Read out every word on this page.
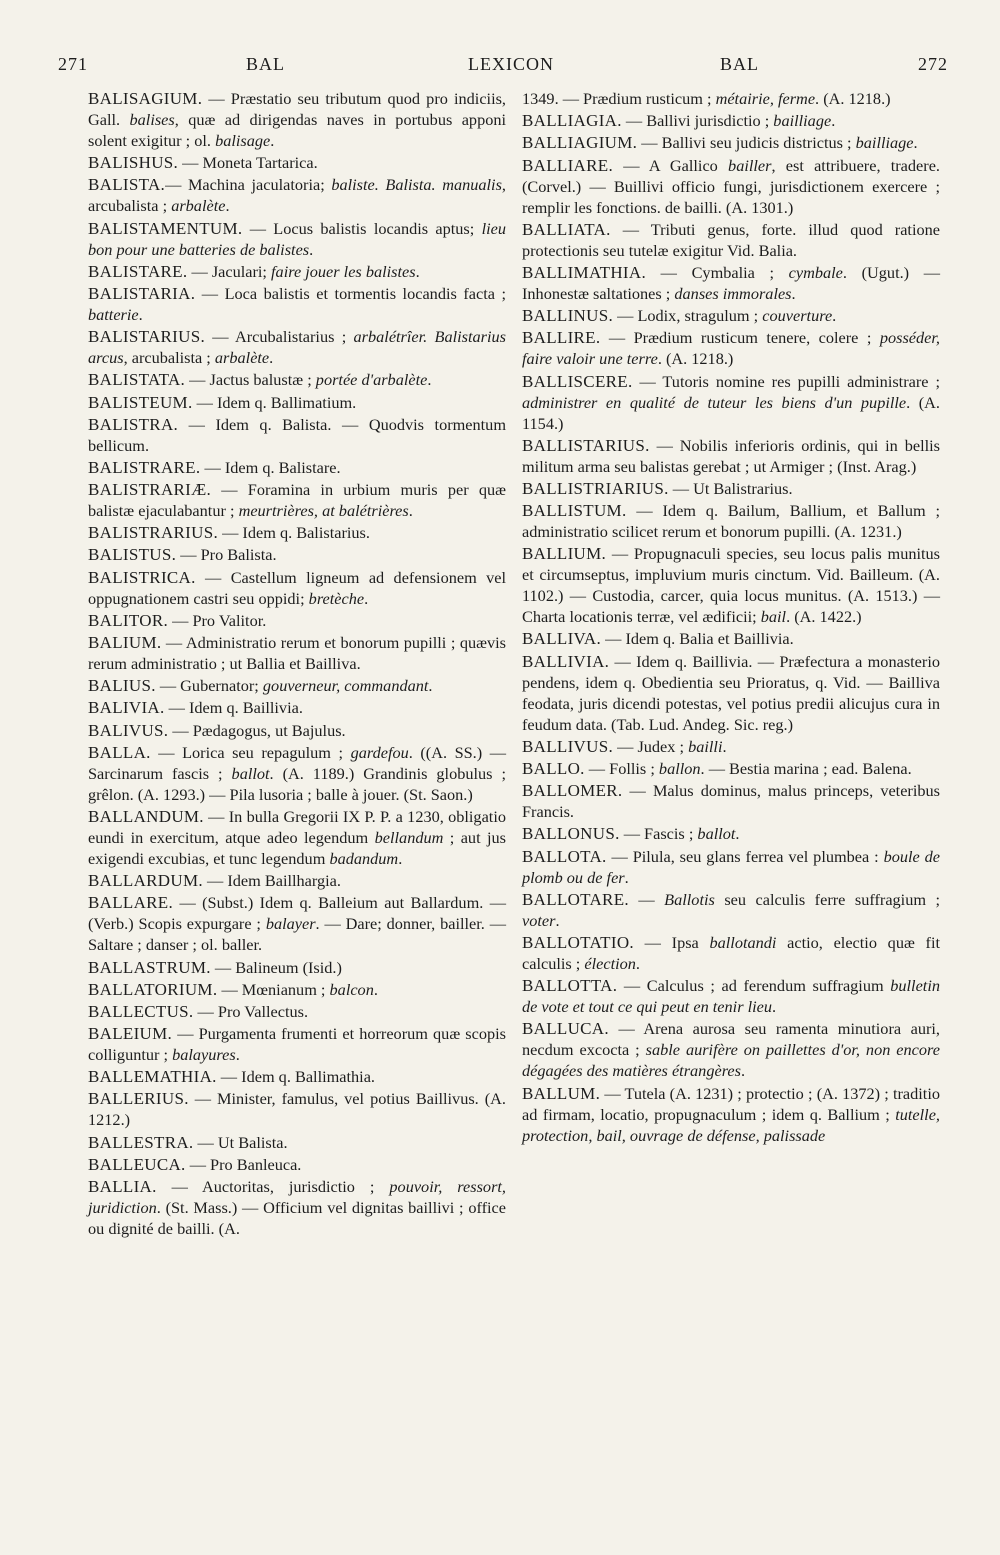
271	BAL	LEXICON	BAL	272

BALISAGIUM. — Præstatio seu tributum quod pro indiciis, Gall. balises, quæ ad dirigendas naves in portubus apponi solent exigitur ; ol. balisage.

BALISHUS. — Moneta Tartarica.

BALISTA.— Machina jaculatoria; baliste. Balista. manualis, arcubalista ; arbalète.

BALISTAMENTUM. — Locus balistis locandis aptus; lieu bon pour une batteries de balistes.

BALISTARE. — Jaculari; faire jouer les balistes.

BALISTARIA. — Loca balistis et tormentis locandis facta ; batterie.

BALISTARIUS. — Arcubalistarius ; arbalétrîer. Balistarius arcus, arcubalista ; arbalète.

BALISTATA. — Jactus balustæ ; portée d'arbalète.

BALISTEUM. — Idem q. Ballimatium.

BALISTRA. — Idem q. Balista. — Quodvis tormentum bellicum.

BALISTRARE. — Idem q. Balistare.

BALISTRARIÆ. — Foramina in urbium muris per quæ balistæ ejaculabantur ; meurtrières, at balétrières.

BALISTRARIUS. — Idem q. Balistarius.

BALISTUS. — Pro Balista.

BALISTRICA. — Castellum ligneum ad defensionem vel oppugnationem castri seu oppidi; bretèche.

BALITOR. — Pro Valitor.

BALIUM. — Administratio rerum et bonorum pupilli ; quævis rerum administratio ; ut Ballia et Bailliva.

BALIUS. — Gubernator; gouverneur, commandant.

BALIVIA. — Idem q. Baillivia.

BALIVUS. — Pædagogus, ut Bajulus.

BALLA. — Lorica seu repagulum ; gardefou. ((A. SS.) — Sarcinarum fascis ; ballot. (A. 1189.) Grandinis globulus ; grêlon. (A. 1293.) — Pila lusoria ; balle à jouer. (St. Saon.)

BALLANDUM. — In bulla Gregorii IX P. P. a 1230, obligatio eundi in exercitum, atque adeo legendum bellandum ; aut jus exigendi excubias, et tunc legendum badandum.

BALLARDUM. — Idem Baillhargia.

BALLARE. — (Subst.) Idem q. Balleium aut Ballardum. — (Verb.) Scopis expurgare ; balayer. — Dare; donner, bailler. — Saltare ; danser ; ol. baller.

BALLASTRUM. — Balineum (Isid.)

BALLATORIUM. — Mœnianum ; balcon.

BALLECTUS. — Pro Vallectus.

BALEIUM. — Purgamenta frumenti et horreorum quæ scopis colliguntur ; balayures.

BALLEMATHIA. — Idem q. Ballimathia.

BALLERIUS. — Minister, famulus, vel potius Baillivus. (A. 1212.)

BALLESTRA. — Ut Balista.

BALLEUCA. — Pro Banleuca.

BALLIA. — Auctoritas, jurisdictio ; pouvoir, ressort, juridiction. (St. Mass.) — Officium vel dignitas baillivi ; office ou dignité de bailli. (A.

1349. — Prædium rusticum ; métairie, ferme. (A. 1218.)

BALLIAGIA. — Ballivi jurisdictio ; bailliage.

BALLIAGIUM. — Ballivi seu judicis districtus ; bailliage.

BALLIARE. — A Gallico bailler, est attribuere, tradere. (Corvel.) — Buillivi officio fungi, jurisdictionem exercere ; remplir les fonctions. de bailli. (A. 1301.)

BALLIATA. — Tributi genus, forte. illud quod ratione protectionis seu tutelæ exigitur Vid. Balia.

BALLIMATHIA. — Cymbalia ; cymbale. (Ugut.) — Inhonestæ saltationes ; danses immorales.

BALLINUS. — Lodix, stragulum ; couverture.

BALLIRE. — Prædium rusticum tenere, colere ; posséder, faire valoir une terre. (A. 1218.)

BALLISCERE. — Tutoris nomine res pupilli administrare ; administrer en qualité de tuteur les biens d'un pupille. (A. 1154.)

BALLISTARIUS. — Nobilis inferioris ordinis, qui in bellis militum arma seu balistas gerebat ; ut Armiger ; (Inst. Arag.)

BALLISTRIARIUS. — Ut Balistrarius.

BALLISTUM. — Idem q. Bailum, Ballium, et Ballum ; administratio scilicet rerum et bonorum pupilli. (A. 1231.)

BALLIUM. — Propugnaculi species, seu locus palis munitus et circumseptus, impluvium muris cinctum. Vid. Bailleum. (A. 1102.) — Custodia, carcer, quia locus munitus. (A. 1513.) — Charta locationis terræ, vel ædificii; bail. (A. 1422.)

BALLIVA. — Idem q. Balia et Baillivia.

BALLIVIA. — Idem q. Baillivia. — Præfectura a monasterio pendens, idem q. Obedientia seu Prioratus, q. Vid. — Bailliva feodata, juris dicendi potestas, vel potius predii alicujus cura in feudum data. (Tab. Lud. Andeg. Sic. reg.)

BALLIVUS. — Judex ; bailli.

BALLO. — Follis ; ballon. — Bestia marina ; ead. Balena.

BALLOMER. — Malus dominus, malus princeps, veteribus Francis.

BALLONUS. — Fascis ; ballot.

BALLOTA. — Pilula, seu glans ferrea vel plumbea : boule de plomb ou de fer.

BALLOTARE. — Ballotis seu calculis ferre suffragium ; voter.

BALLOTATIO. — Ipsa ballotandi actio, electio quæ fit calculis ; élection.

BALLOTTA. — Calculus ; ad ferendum suffragium bulletin de vote et tout ce qui peut en tenir lieu.

BALLUCA. — Arena aurosa seu ramenta minutiora auri, necdum excocta ; sable aurifère on paillettes d'or, non encore dégagées des matières étrangères.

BALLUM. — Tutela (A. 1231) ; protectio ; (A. 1372) ; traditio ad firmam, locatio, propugnaculum ; idem q. Ballium ; tutelle, protection, bail, ouvrage de défense, palissade
